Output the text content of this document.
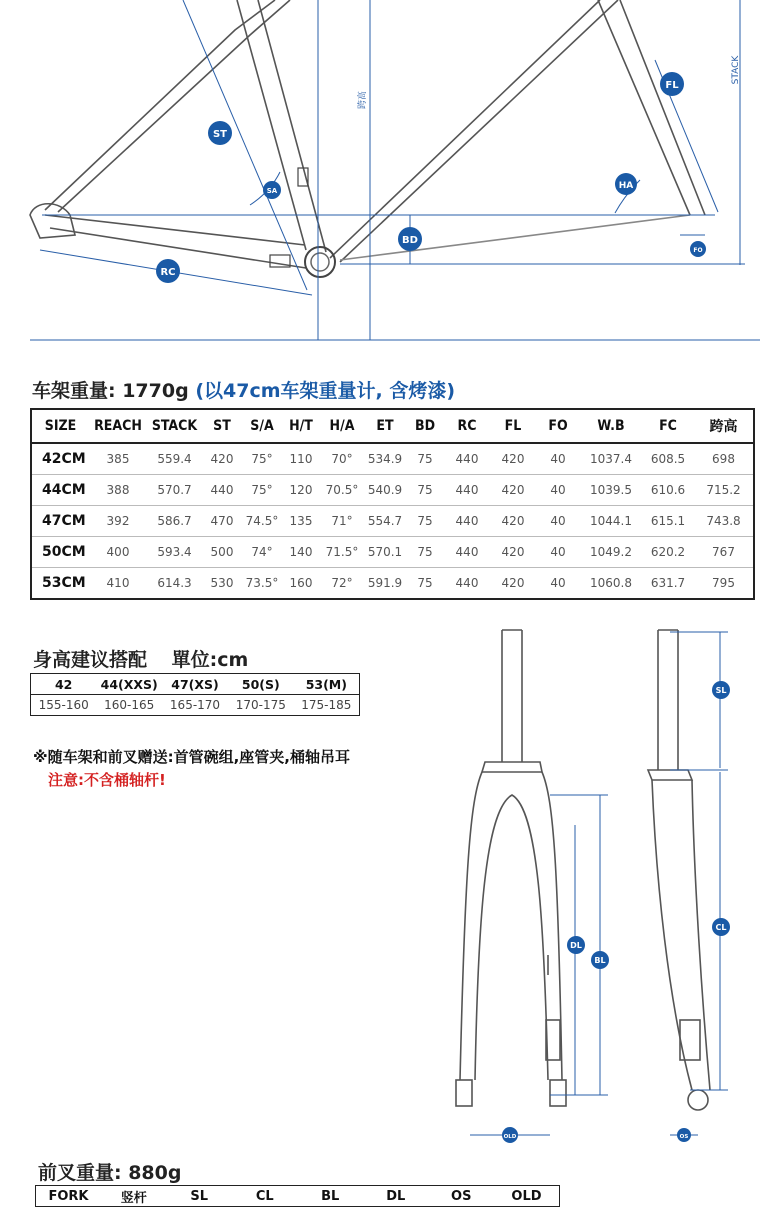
ST
SA
RC
BD
FL
HA
FO
STACK
跨高
车架重量: 1770g (以47cm车架重量计, 含烤漆)
SIZE	REACH	STACK	ST	S/A	H/T	H/A	ET	BD	RC	FL	FO	W.B	FC	跨高
42CM	385	559.4	420	75°	110	70°	534.9	75	440	420	40	1037.4	608.5	698
44CM	388	570.7	440	75°	120	70.5°	540.9	75	440	420	40	1039.5	610.6	715.2
47CM	392	586.7	470	74.5°	135	71°	554.7	75	440	420	40	1044.1	615.1	743.8
50CM	400	593.4	500	74°	140	71.5°	570.1	75	440	420	40	1049.2	620.2	767
53CM	410	614.3	530	73.5°	160	72°	591.9	75	440	420	40	1060.8	631.7	795
身高建议搭配 單位:cm
42	44(XXS)	47(XS)	50(S)	53(M)
155-160	160-165	165-170	170-175	175-185
※随车架和前叉赠送:首管碗组,座管夹,桶轴吊耳
注意:不含桶轴杆!
SL
CL
DL
BL
OLD	OS
前叉重量: 880g
FORK	竖杆	SL	CL	BL	DL	OS	OLD
